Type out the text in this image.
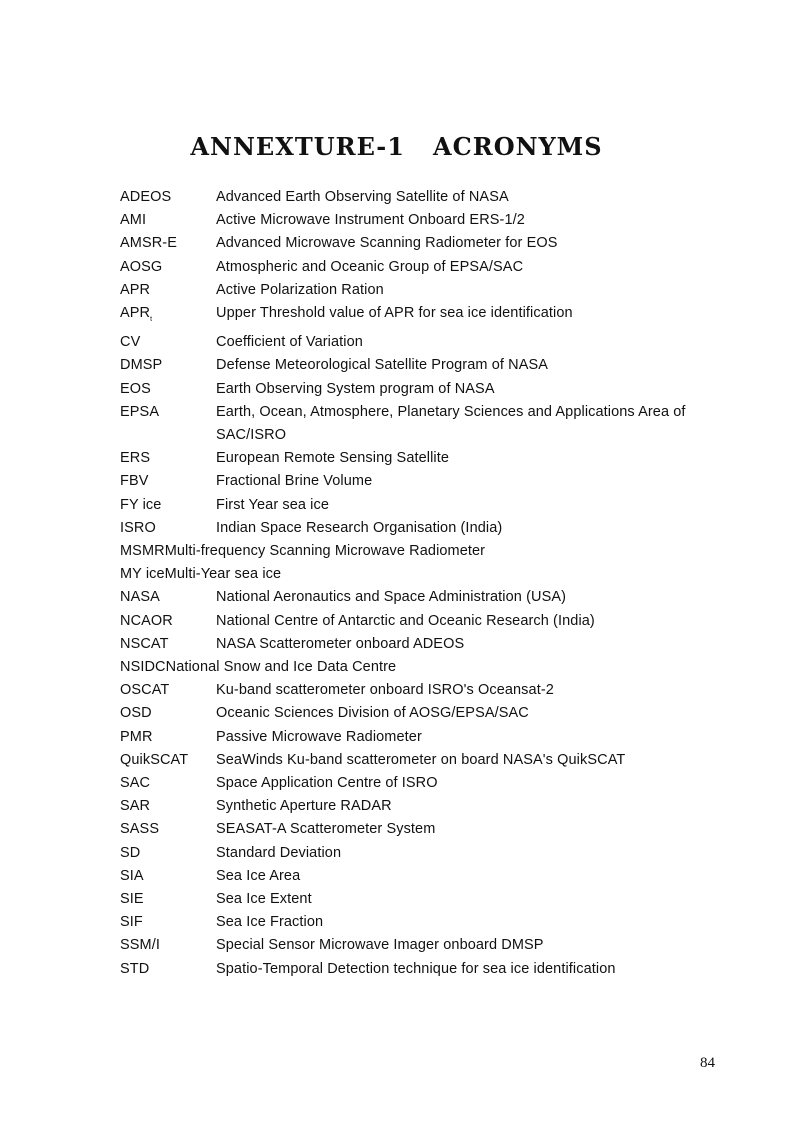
ANNEXTURE-1   ACRONYMS
ADEOS	Advanced Earth Observing Satellite of NASA
AMI	Active Microwave Instrument Onboard ERS-1/2
AMSR-E	Advanced Microwave Scanning Radiometer for EOS
AOSG	Atmospheric and Oceanic Group of EPSA/SAC
APR	Active Polarization Ration
$APR_t$	Upper Threshold value of APR for sea ice identification
CV	Coefficient of Variation
DMSP	Defense Meteorological Satellite Program of NASA
EOS	Earth Observing System program of NASA
EPSA	Earth, Ocean, Atmosphere, Planetary Sciences and Applications Area of SAC/ISRO
ERS	European Remote Sensing Satellite
FBV	Fractional Brine Volume
FY ice	First Year sea ice
ISRO	Indian Space Research Organisation (India)
MSMR Multi-frequency Scanning Microwave Radiometer
MY ice Multi-Year sea ice
NASA	National Aeronautics and Space Administration (USA)
NCAOR	National Centre of Antarctic and Oceanic Research (India)
NSCAT	NASA Scatterometer onboard ADEOS
NSIDC National Snow and Ice Data Centre
OSCAT	Ku-band scatterometer onboard ISRO's Oceansat-2
OSD	Oceanic Sciences Division of AOSG/EPSA/SAC
PMR	Passive Microwave Radiometer
QuikSCAT	SeaWinds Ku-band scatterometer on board NASA's QuikSCAT
SAC	Space Application Centre of ISRO
SAR	Synthetic Aperture RADAR
SASS	SEASAT-A Scatterometer System
SD	Standard Deviation
SIA	Sea Ice Area
SIE	Sea Ice Extent
SIF	Sea Ice Fraction
SSM/I	Special Sensor Microwave Imager onboard DMSP
STD	Spatio-Temporal Detection technique for sea ice identification
84
